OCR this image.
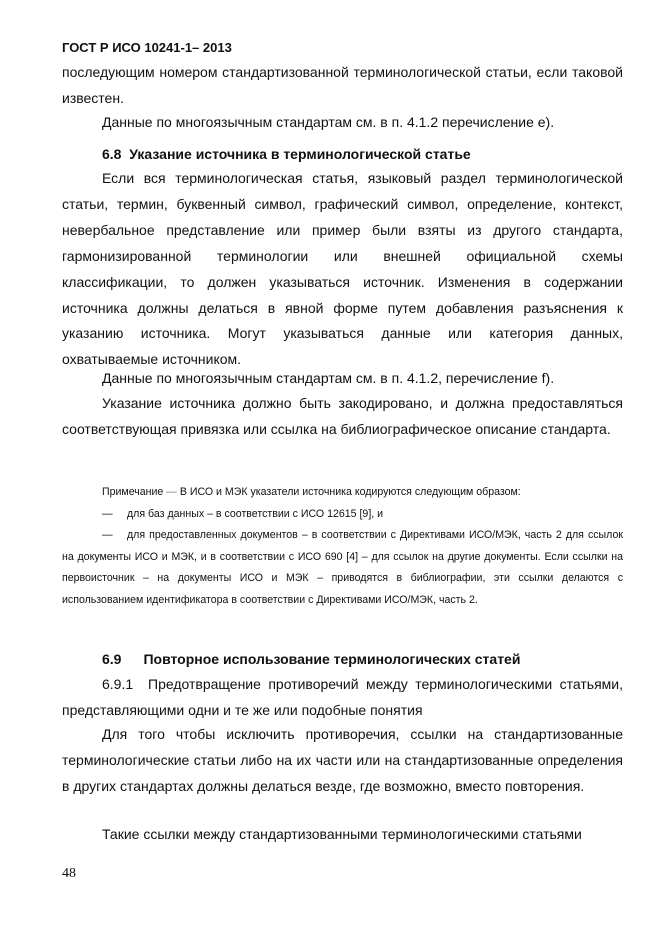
ГОСТ Р ИСО 10241-1– 2013

последующим номером стандартизованной терминологической статьи, если таковой известен.

Данные по многоязычным стандартам см. в п. 4.1.2 перечисление e).

6.8 Указание источника в терминологической статье

Если вся терминологическая статья, языковый раздел терминологической статьи, термин, буквенный символ, графический символ, определение, контекст, невербальное представление или пример были взяты из другого стандарта, гармонизированной терминологии или внешней официальной схемы классификации, то должен указываться источник. Изменения в содержании источника должны делаться в явной форме путем добавления разъяснения к указанию источника. Могут указываться данные или категория данных, охватываемые источником.

Данные по многоязычным стандартам см. в п. 4.1.2, перечисление f).

Указание источника должно быть закодировано, и должна предоставляться соответствующая привязка или ссылка на библиографическое описание стандарта.

Примечание — В ИСО и МЭК указатели источника кодируются следующим образом:
— для баз данных – в соответствии с ИСО 12615 [9], и
— для предоставленных документов – в соответствии с Директивами ИСО/МЭК, часть 2 для ссылок на документы ИСО и МЭК, и в соответствии с ИСО 690 [4] – для ссылок на другие документы. Если ссылки на первоисточник – на документы ИСО и МЭК – приводятся в библиографии, эти ссылки делаются с использованием идентификатора в соответствии с Директивами ИСО/МЭК, часть 2.
6.9 Повторное использование терминологических статей

6.9.1 Предотвращение противоречий между терминологическими статьями, представляющими одни и те же или подобные понятия

Для того чтобы исключить противоречия, ссылки на стандартизованные терминологические статьи либо на их части или на стандартизованные определения в других стандартах должны делаться везде, где возможно, вместо повторения.

Такие ссылки между стандартизованными терминологическими статьями

48
